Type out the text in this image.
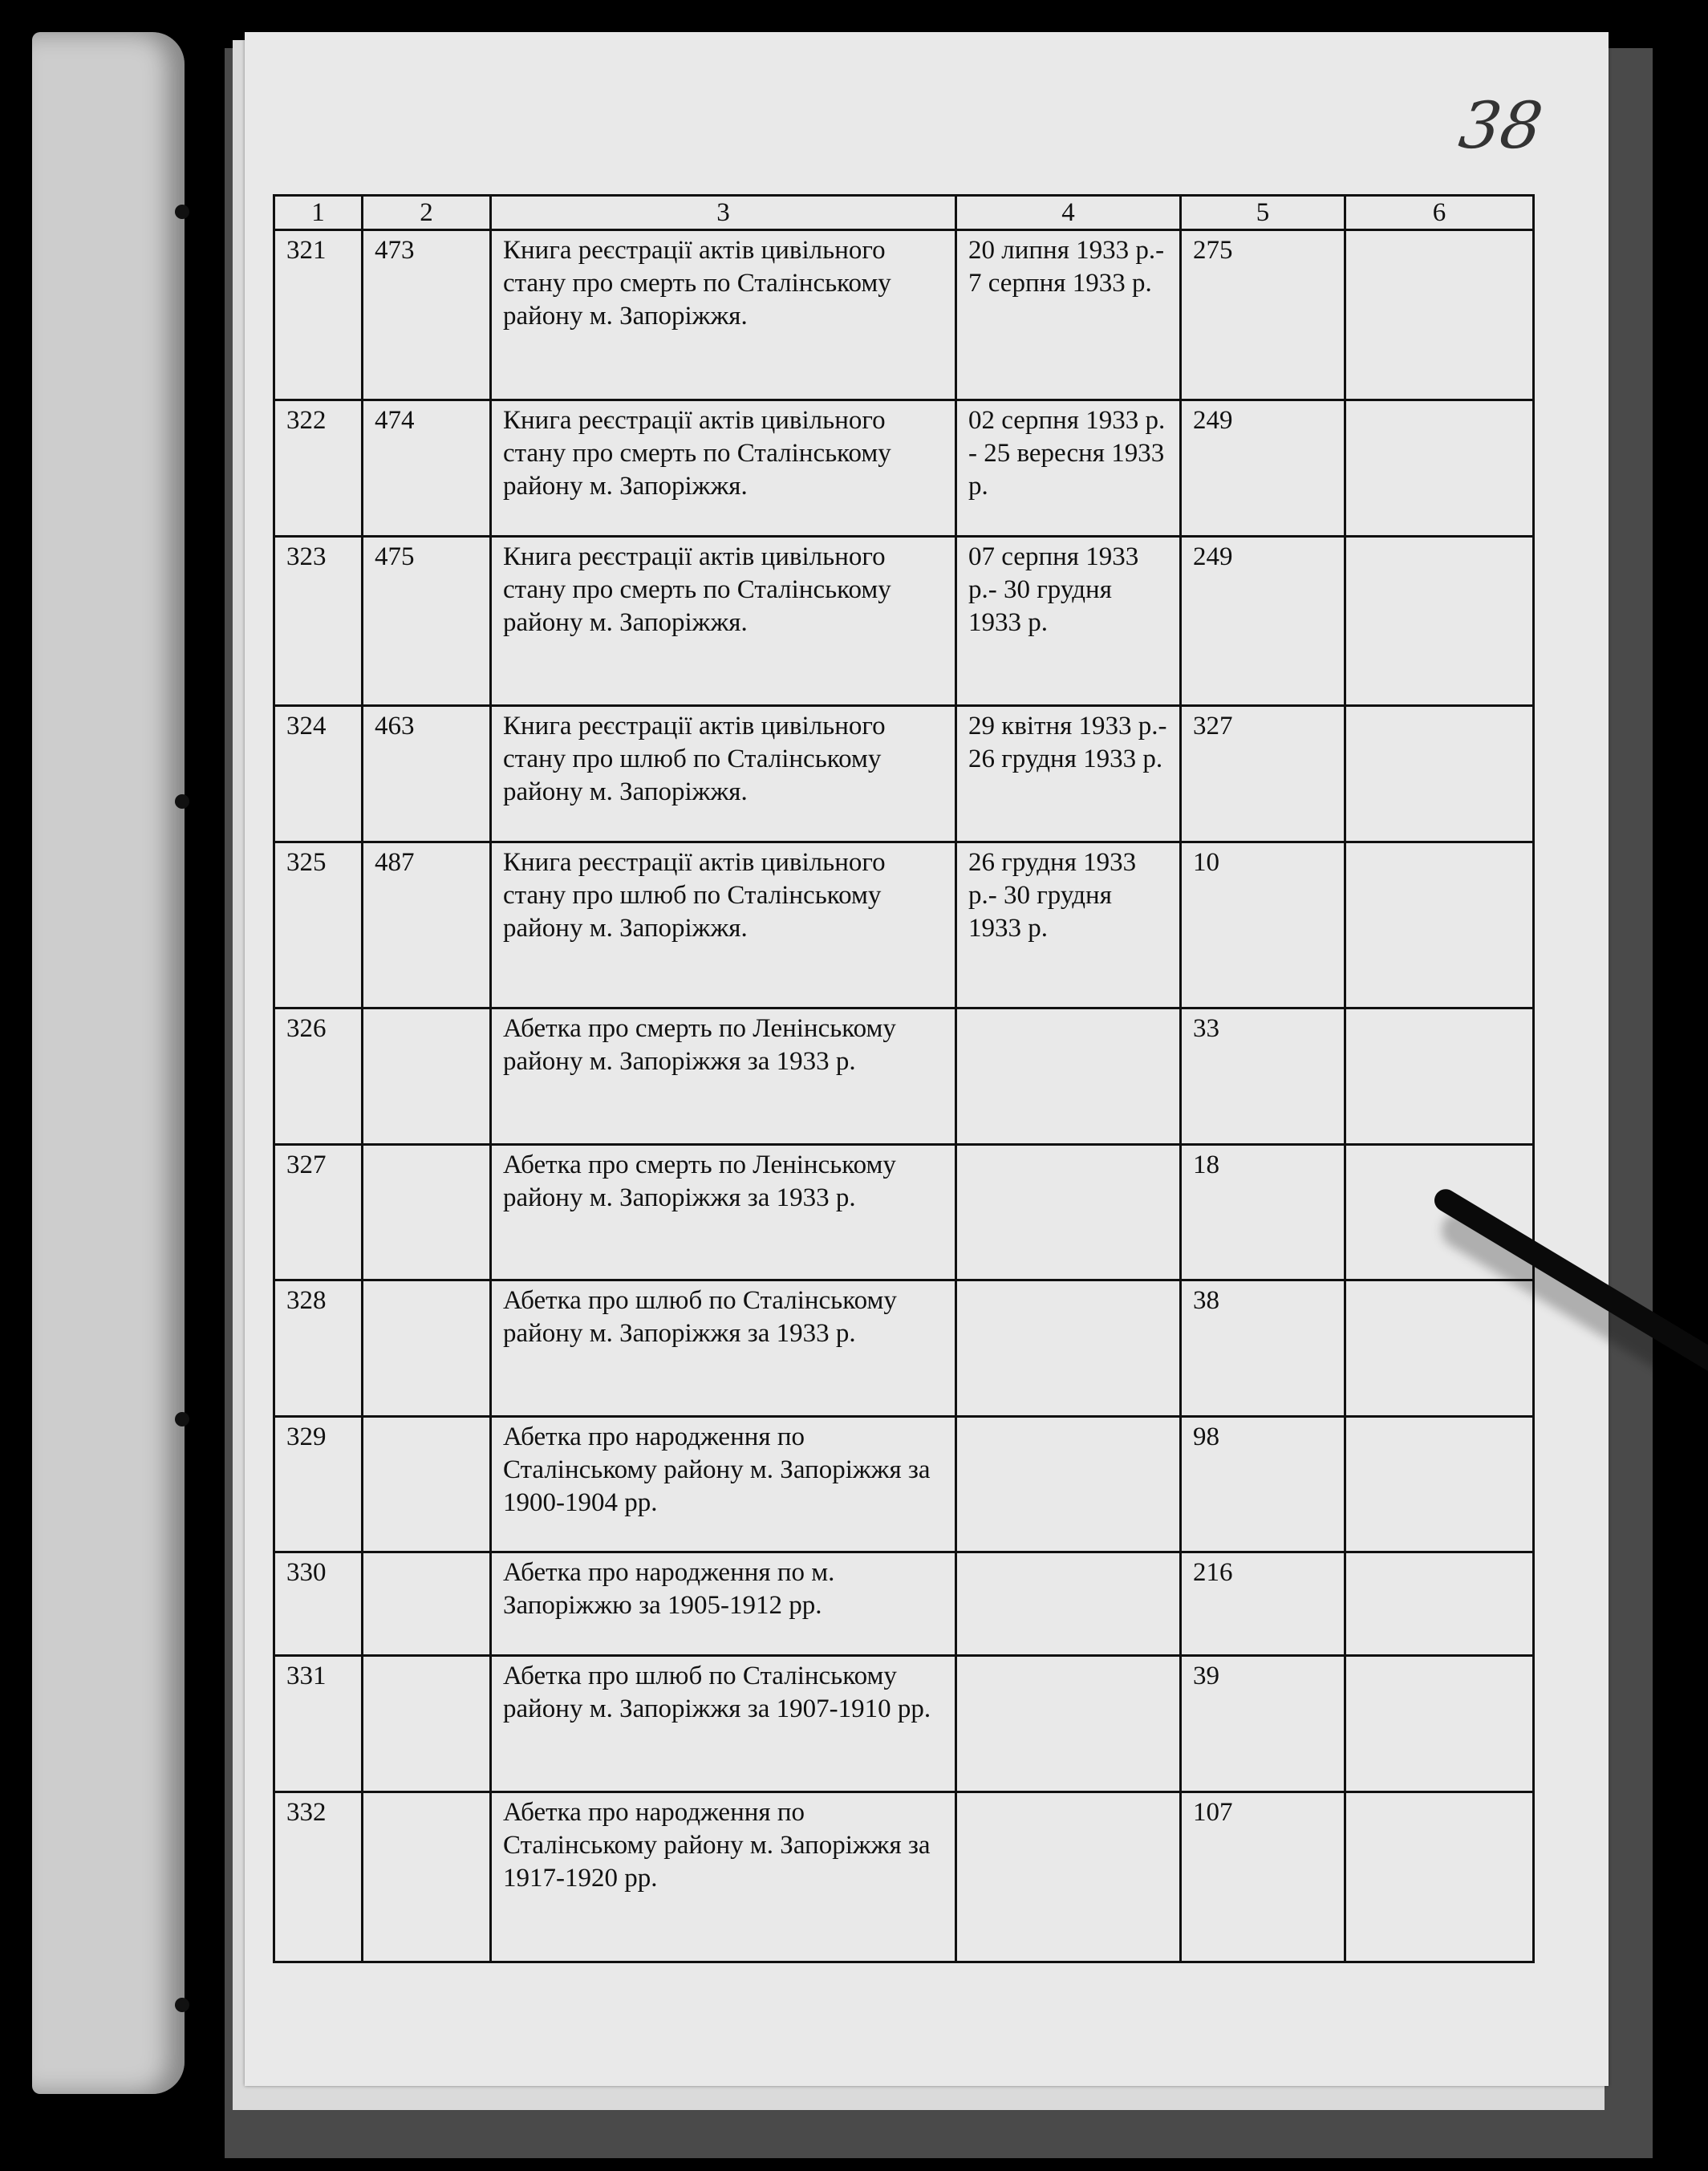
38
1	2	3	4	5	6
321	473	Книга реєстрації актів цивільного стану про смерть по Сталінському району м. Запоріжжя.	20 липня 1933 р.- 7 серпня 1933 р.	275	
322	474	Книга реєстрації актів цивільного стану про смерть по Сталінському району м. Запоріжжя.	02 серпня 1933 р. - 25 вересня 1933 р.	249	
323	475	Книга реєстрації актів цивільного стану про смерть по Сталінському району м. Запоріжжя.	07 серпня 1933 р.- 30 грудня 1933 р.	249	
324	463	Книга реєстрації актів цивільного стану про шлюб по Сталінському району м. Запоріжжя.	29 квітня 1933 р.- 26 грудня 1933 р.	327	
325	487	Книга реєстрації актів цивільного стану про шлюб по Сталінському району м. Запоріжжя.	26 грудня 1933 р.- 30 грудня 1933 р.	10	
326		Абетка про смерть по Ленінському району м. Запоріжжя за 1933 р.		33	
327		Абетка про смерть по Ленінському району м. Запоріжжя за 1933 р.		18	
328		Абетка про шлюб по Сталінському району м. Запоріжжя за 1933 р.		38	
329		Абетка про народження по Сталінському району м. Запоріжжя за 1900-1904 рр.		98	
330		Абетка про народження по м. Запоріжжю за 1905-1912 рр.		216	
331		Абетка про шлюб по Сталінському району м. Запоріжжя за 1907-1910 рр.		39	
332		Абетка про народження по Сталінському району м. Запоріжжя за 1917-1920 рр.		107	
